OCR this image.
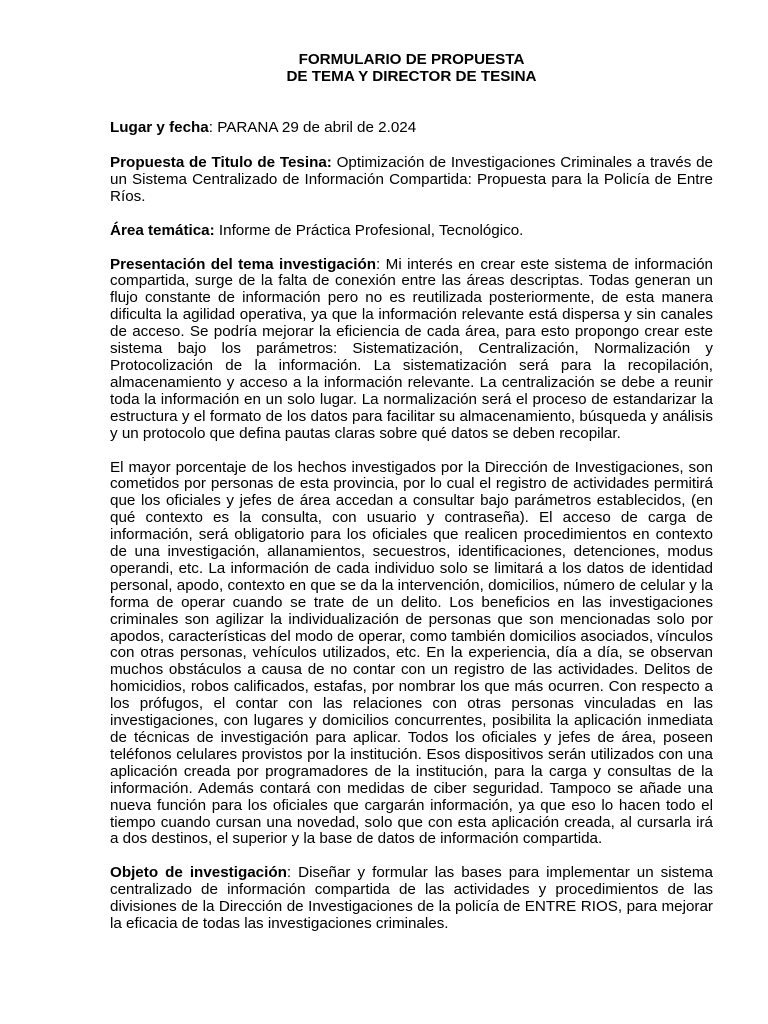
FORMULARIO DE PROPUESTA
DE TEMA Y DIRECTOR DE TESINA

Lugar y fecha: PARANA 29 de abril de 2.024

Propuesta de Titulo de Tesina: Optimización de Investigaciones Criminales a través de un Sistema Centralizado de Información Compartida: Propuesta para la Policía de Entre Ríos.

Área temática: Informe de Práctica Profesional, Tecnológico.

Presentación del tema investigación: Mi interés en crear este sistema de información compartida, surge de la falta de conexión entre las áreas descriptas. Todas generan un flujo constante de información pero no es reutilizada posteriormente, de esta manera dificulta la agilidad operativa, ya que la información relevante está dispersa y sin canales de acceso. Se podría mejorar la eficiencia de cada área, para esto propongo crear este sistema bajo los parámetros: Sistematización, Centralización, Normalización y Protocolización de la información. La sistematización será para la recopilación, almacenamiento y acceso a la información relevante. La centralización se debe a reunir toda la información en un solo lugar. La normalización será el proceso de estandarizar la estructura y el formato de los datos para facilitar su almacenamiento, búsqueda y análisis y un protocolo que defina pautas claras sobre qué datos se deben recopilar.

El mayor porcentaje de los hechos investigados por la Dirección de Investigaciones, son cometidos por personas de esta provincia, por lo cual el registro de actividades permitirá que los oficiales y jefes de área accedan a consultar bajo parámetros establecidos, (en qué contexto es la consulta, con usuario y contraseña). El acceso de carga de información, será obligatorio para los oficiales que realicen procedimientos en contexto de una investigación, allanamientos, secuestros, identificaciones, detenciones, modus operandi, etc. La información de cada individuo solo se limitará a los datos de identidad personal, apodo, contexto en que se da la intervención, domicilios, número de celular y la forma de operar cuando se trate de un delito. Los beneficios en las investigaciones criminales son agilizar la individualización de personas que son mencionadas solo por apodos, características del modo de operar, como también domicilios asociados, vínculos con otras personas, vehículos utilizados, etc. En la experiencia, día a día, se observan muchos obstáculos a causa de no contar con un registro de las actividades. Delitos de homicidios, robos calificados, estafas, por nombrar los que más ocurren. Con respecto a los prófugos, el contar con las relaciones con otras personas vinculadas en las investigaciones, con lugares y domicilios concurrentes, posibilita la aplicación inmediata de técnicas de investigación para aplicar. Todos los oficiales y jefes de área, poseen teléfonos celulares provistos por la institución. Esos dispositivos serán utilizados con una aplicación creada por programadores de la institución, para la carga y consultas de la información. Además contará con medidas de ciber seguridad. Tampoco se añade una nueva función para los oficiales que cargarán información, ya que eso lo hacen todo el tiempo cuando cursan una novedad, solo que con esta aplicación creada, al cursarla irá a dos destinos, el superior y la base de datos de información compartida.

Objeto de investigación: Diseñar y formular las bases para implementar un sistema centralizado de información compartida de las actividades y procedimientos de las divisiones de la Dirección de Investigaciones de la policía de ENTRE RIOS, para mejorar la eficacia de todas las investigaciones criminales.
